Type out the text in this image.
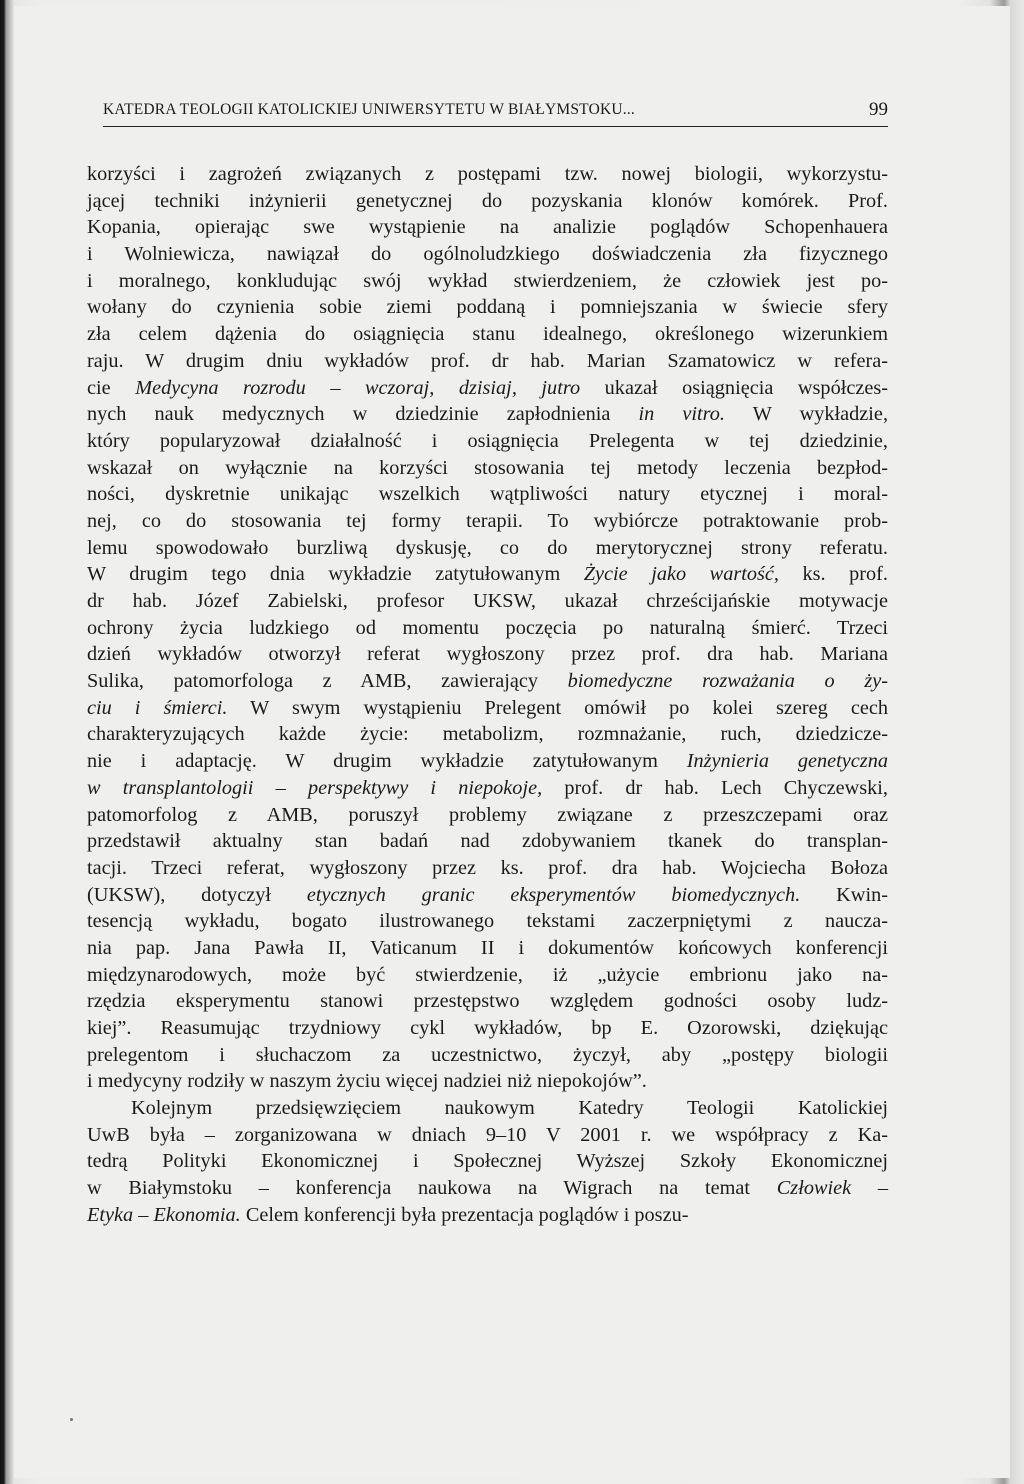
KATEDRA TEOLOGII KATOLICKIEJ UNIWERSYTETU W BIAŁYMSTOKU...	99
korzyści i zagrożeń związanych z postępami tzw. nowej biologii, wykorzystu-
jącej techniki inżynierii genetycznej do pozyskania klonów komórek. Prof.
Kopania, opierając swe wystąpienie na analizie poglądów Schopenhauera
i Wolniewicza, nawiązał do ogólnoludzkiego doświadczenia zła fizycznego
i moralnego, konkludując swój wykład stwierdzeniem, że człowiek jest po-
wołany do czynienia sobie ziemi poddaną i pomniejszania w świecie sfery
zła celem dążenia do osiągnięcia stanu idealnego, określonego wizerunkiem
raju. W drugim dniu wykładów prof. dr hab. Marian Szamatowicz w refera-
cie Medycyna rozrodu – wczoraj, dzisiaj, jutro ukazał osiągnięcia współczes-
nych nauk medycznych w dziedzinie zapłodnienia in vitro. W wykładzie,
który popularyzował działalność i osiągnięcia Prelegenta w tej dziedzinie,
wskazał on wyłącznie na korzyści stosowania tej metody leczenia bezpłod-
ności, dyskretnie unikając wszelkich wątpliwości natury etycznej i moral-
nej, co do stosowania tej formy terapii. To wybiórcze potraktowanie prob-
lemu spowodowało burzliwą dyskusję, co do merytorycznej strony referatu.
W drugim tego dnia wykładzie zatytułowanym Życie jako wartość, ks. prof.
dr hab. Józef Zabielski, profesor UKSW, ukazał chrześcijańskie motywacje
ochrony życia ludzkiego od momentu poczęcia po naturalną śmierć. Trzeci
dzień wykładów otworzył referat wygłoszony przez prof. dra hab. Mariana
Sulika, patomorfologa z AMB, zawierający biomedyczne rozważania o ży-
ciu i śmierci. W swym wystąpieniu Prelegent omówił po kolei szereg cech
charakteryzujących każde życie: metabolizm, rozmnażanie, ruch, dziedzicze-
nie i adaptację. W drugim wykładzie zatytułowanym Inżynieria genetyczna
w transplantologii – perspektywy i niepokoje, prof. dr hab. Lech Chyczewski,
patomorfolog z AMB, poruszył problemy związane z przeszczepami oraz
przedstawił aktualny stan badań nad zdobywaniem tkanek do transplan-
tacji. Trzeci referat, wygłoszony przez ks. prof. dra hab. Wojciecha Bołoza
(UKSW), dotyczył etycznych granic eksperymentów biomedycznych. Kwin-
tesencją wykładu, bogato ilustrowanego tekstami zaczerpniętymi z naucza-
nia pap. Jana Pawła II, Vaticanum II i dokumentów końcowych konferencji
międzynarodowych, może być stwierdzenie, iż „użycie embrionu jako na-
rzędzia eksperymentu stanowi przestępstwo względem godności osoby ludz-
kiej”. Reasumując trzydniowy cykl wykładów, bp E. Ozorowski, dziękując
prelegentom i słuchaczom za uczestnictwo, życzył, aby „postępy biologii
i medycyny rodziły w naszym życiu więcej nadziei niż niepokojów”.
Kolejnym przedsięwzięciem naukowym Katedry Teologii Katolickiej
UwB była – zorganizowana w dniach 9–10 V 2001 r. we współpracy z Ka-
tedrą Polityki Ekonomicznej i Społecznej Wyższej Szkoły Ekonomicznej
w Białymstoku – konferencja naukowa na Wigrach na temat Człowiek –
Etyka – Ekonomia. Celem konferencji była prezentacja poglądów i poszu-
